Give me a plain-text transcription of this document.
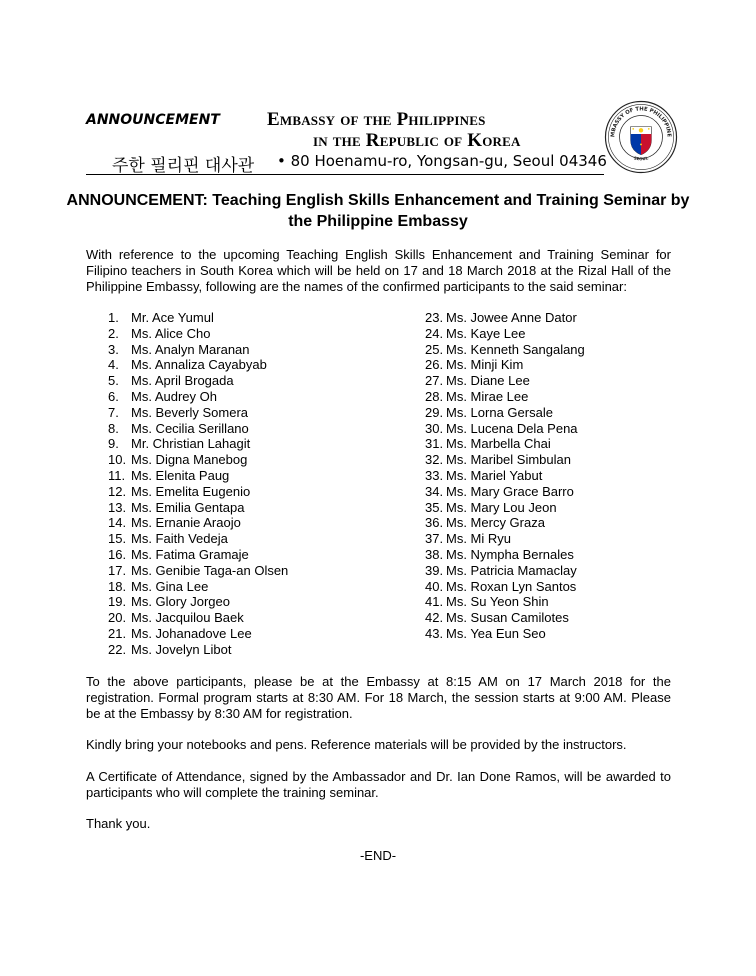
ANNOUNCEMENT Embassy of the Philippines
in the Republic of Korea
주한 필리핀 대사관 • 80 Hoenamu-ro, Yongsan-gu, Seoul 04346
MBASSY OF THE PHILIPPINE
SEOUL
ANNOUNCEMENT: Teaching English Skills Enhancement and Training Seminar by the Philippine Embassy
With reference to the upcoming Teaching English Skills Enhancement and Training Seminar for Filipino teachers in South Korea which will be held on 17 and 18 March 2018 at the Rizal Hall of the Philippine Embassy, following are the names of the confirmed participants to the said seminar:
1. Mr. Ace Yumul
2. Ms. Alice Cho
3. Ms. Analyn Maranan
4. Ms. Annaliza Cayabyab
5. Ms. April Brogada
6. Ms. Audrey Oh
7. Ms. Beverly Somera
8. Ms. Cecilia Serillano
9. Mr. Christian Lahagit
10. Ms. Digna Manebog
11. Ms. Elenita Paug
12. Ms. Emelita Eugenio
13. Ms. Emilia Gentapa
14. Ms. Ernanie Araojo
15. Ms. Faith Vedeja
16. Ms. Fatima Gramaje
17. Ms. Genibie Taga-an Olsen
18. Ms. Gina Lee
19. Ms. Glory Jorgeo
20. Ms. Jacquilou Baek
21. Ms. Johanadove Lee
22. Ms. Jovelyn Libot
23. Ms. Jowee Anne Dator
24. Ms. Kaye Lee
25. Ms. Kenneth Sangalang
26. Ms. Minji Kim
27. Ms. Diane Lee
28. Ms. Mirae Lee
29. Ms. Lorna Gersale
30. Ms. Lucena Dela Pena
31. Ms. Marbella Chai
32. Ms. Maribel Simbulan
33. Ms. Mariel Yabut
34. Ms. Mary Grace Barro
35. Ms. Mary Lou Jeon
36. Ms. Mercy Graza
37. Ms. Mi Ryu
38. Ms. Nympha Bernales
39. Ms. Patricia Mamaclay
40. Ms. Roxan Lyn Santos
41. Ms. Su Yeon Shin
42. Ms. Susan Camilotes
43. Ms. Yea Eun Seo
To the above participants, please be at the Embassy at 8:15 AM on 17 March 2018 for the registration. Formal program starts at 8:30 AM. For 18 March, the session starts at 9:00 AM. Please be at the Embassy by 8:30 AM for registration.
Kindly bring your notebooks and pens. Reference materials will be provided by the instructors.
A Certificate of Attendance, signed by the Ambassador and Dr. Ian Done Ramos, will be awarded to participants who will complete the training seminar.
Thank you.
-END-
